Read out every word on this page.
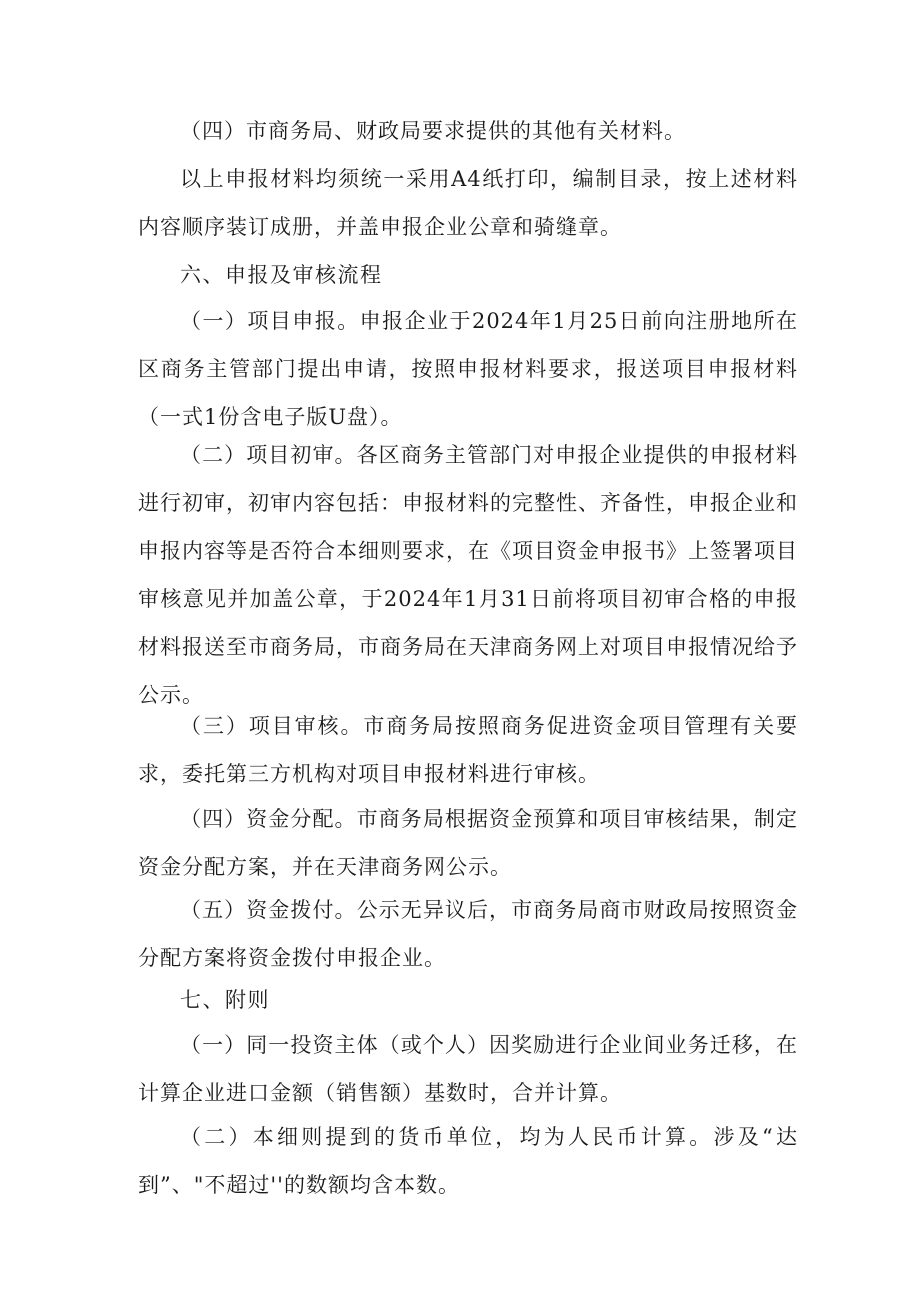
（四）市商务局、财政局要求提供的其他有关材料。

以上申报材料均须统一采用A4纸打印，编制目录，按上述材料内容顺序装订成册，并盖申报企业公章和骑缝章。

六、申报及审核流程

（一）项目申报。申报企业于2024年1月25日前向注册地所在区商务主管部门提出申请，按照申报材料要求，报送项目申报材料（一式1份含电子版U盘）。

（二）项目初审。各区商务主管部门对申报企业提供的申报材料进行初审，初审内容包括：申报材料的完整性、齐备性，申报企业和申报内容等是否符合本细则要求，在《项目资金申报书》上签署项目审核意见并加盖公章，于2024年1月31日前将项目初审合格的申报材料报送至市商务局，市商务局在天津商务网上对项目申报情况给予公示。

（三）项目审核。市商务局按照商务促进资金项目管理有关要求，委托第三方机构对项目申报材料进行审核。

（四）资金分配。市商务局根据资金预算和项目审核结果，制定资金分配方案，并在天津商务网公示。

（五）资金拨付。公示无异议后，市商务局商市财政局按照资金分配方案将资金拨付申报企业。

七、附则

（一）同一投资主体（或个人）因奖励进行企业间业务迁移，在计算企业进口金额（销售额）基数时，合并计算。

（二）本细则提到的货币单位，均为人民币计算。涉及“达到”、"不超过''的数额均含本数。
